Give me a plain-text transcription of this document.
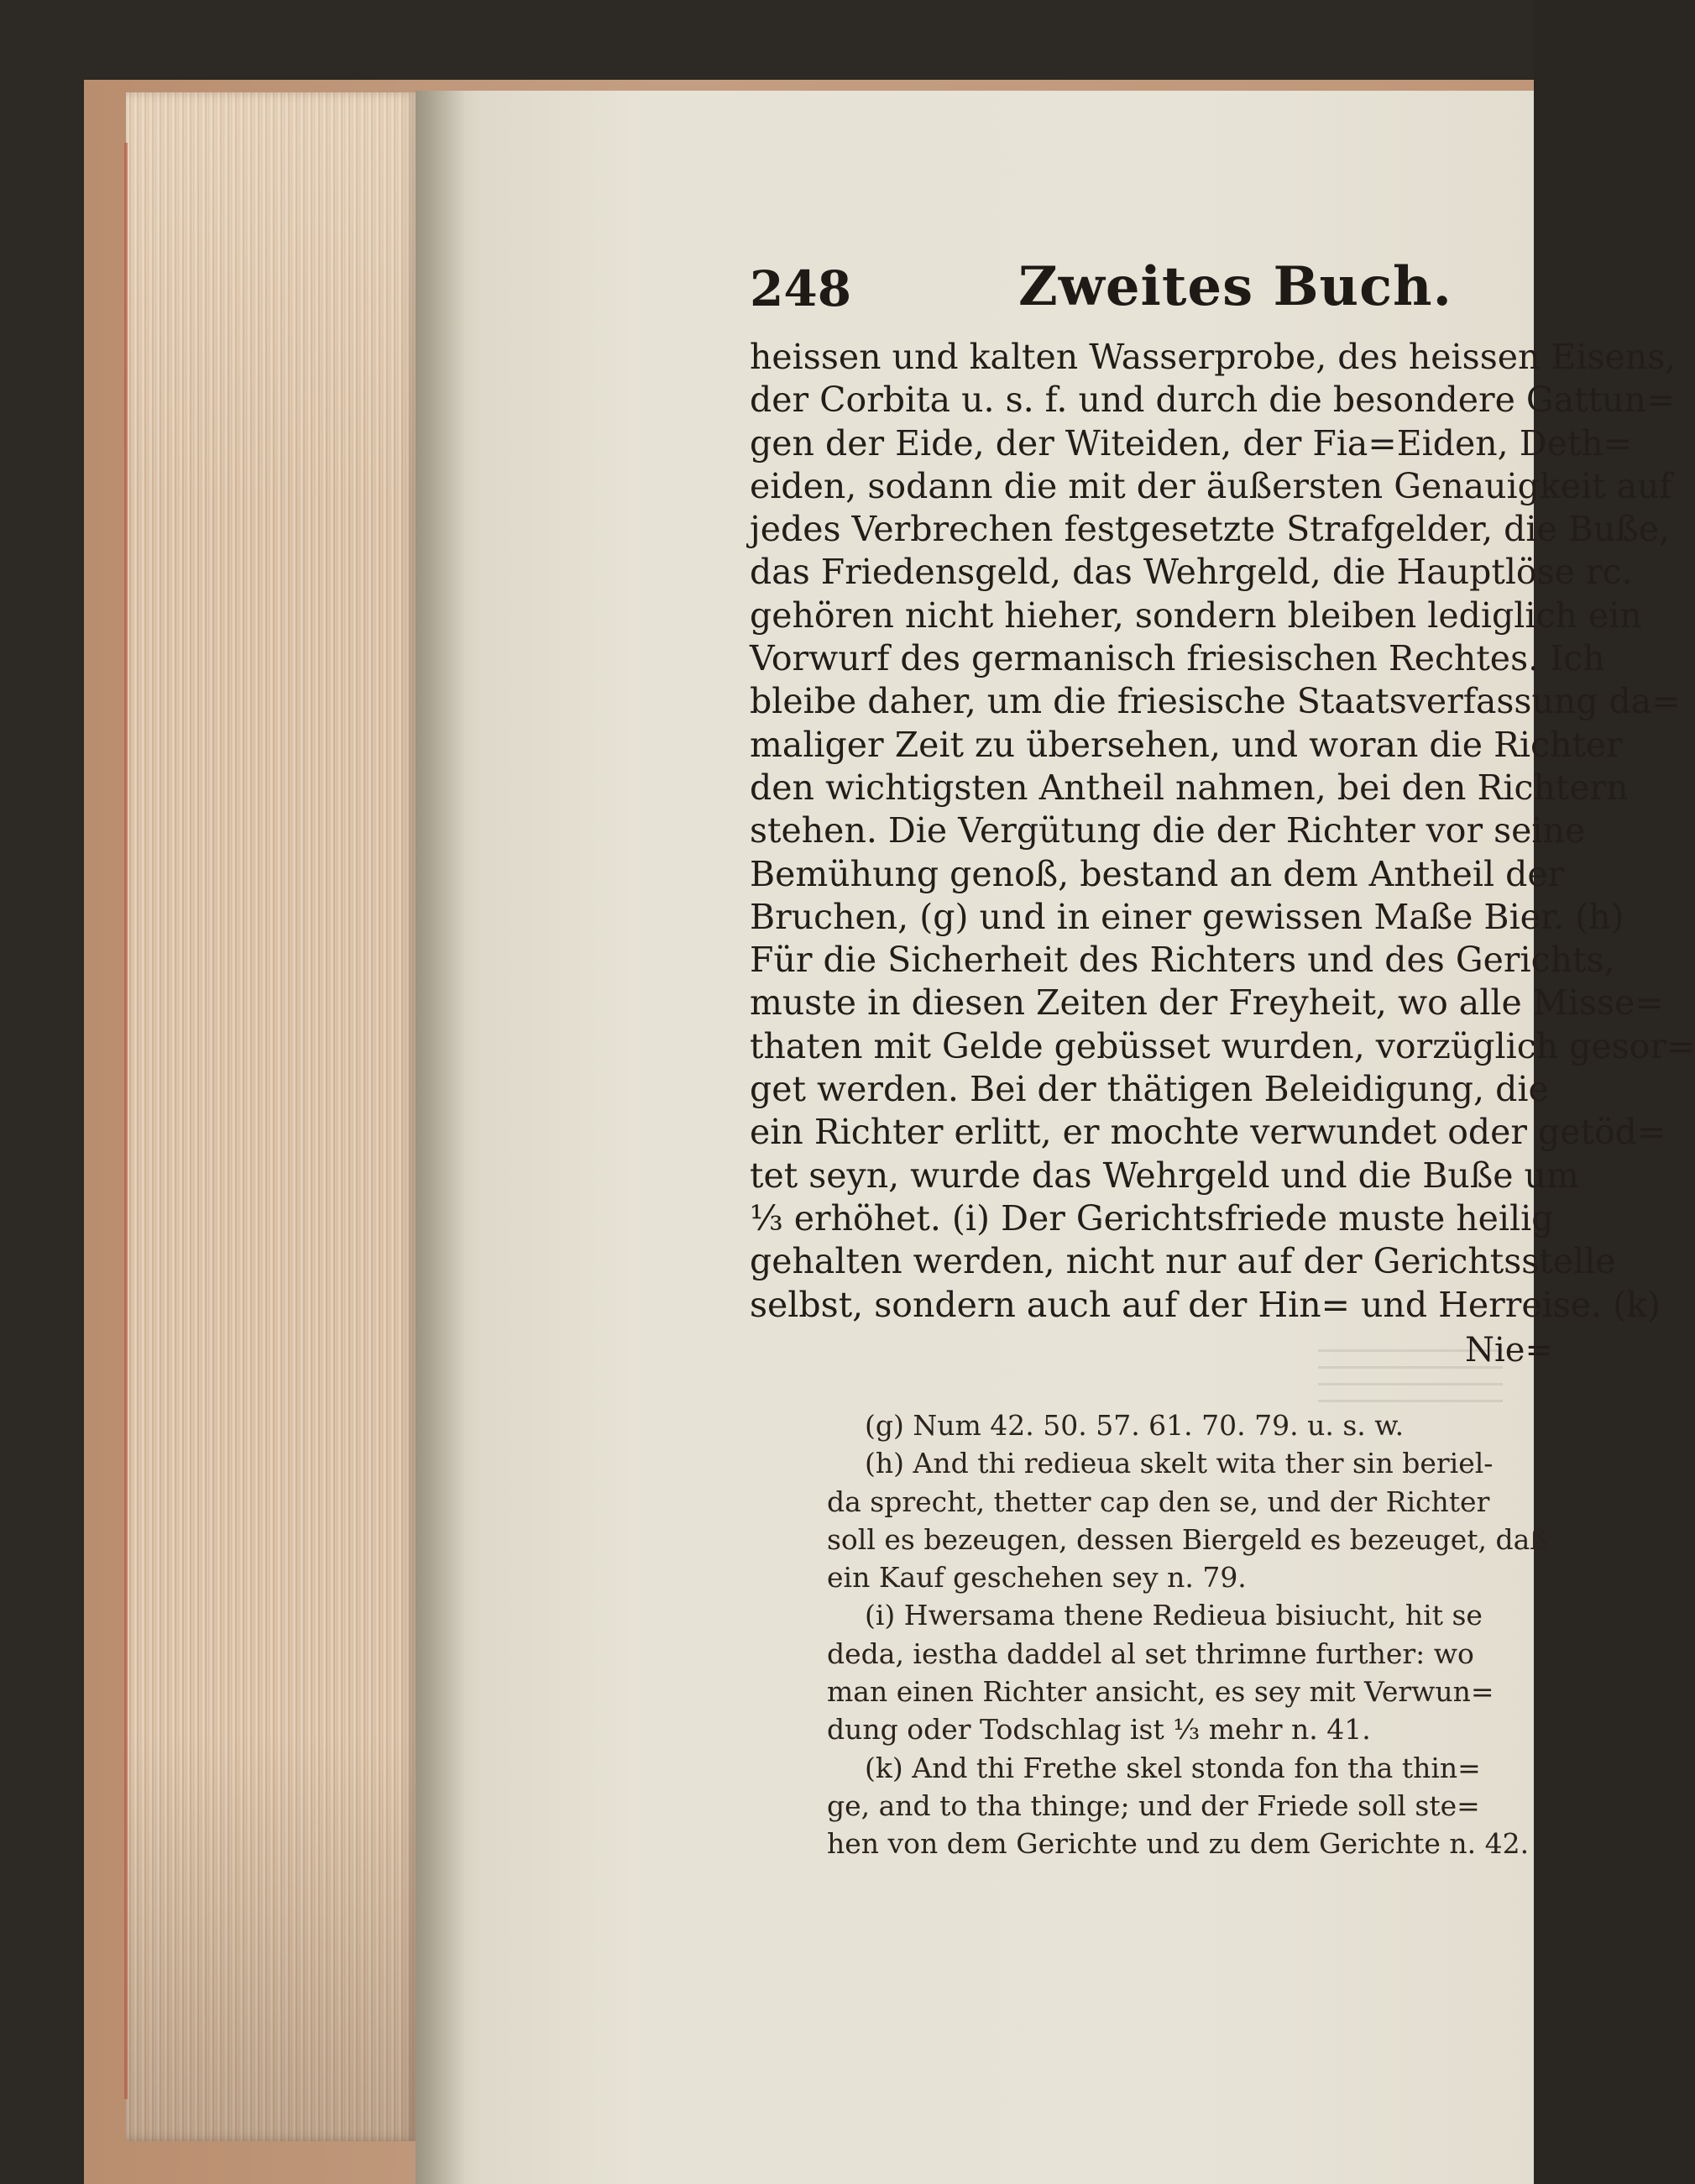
248	Zweites Buch.
heissen und kalten Wasserprobe, des heissen Eisens,
der Corbita u. s. f. und durch die besondere Gattun=
gen der Eide, der Witeiden, der Fia=Eiden, Deth=
eiden, sodann die mit der äußersten Genauigkeit auf
jedes Verbrechen festgesetzte Strafgelder, die Buße,
das Friedensgeld, das Wehrgeld, die Hauptlöse rc.
gehören nicht hieher, sondern bleiben lediglich ein
Vorwurf des germanisch friesischen Rechtes. Ich
bleibe daher, um die friesische Staatsverfassung da=
maliger Zeit zu übersehen, und woran die Richter
den wichtigsten Antheil nahmen, bei den Richtern
stehen. Die Vergütung die der Richter vor seine
Bemühung genoß, bestand an dem Antheil der
Bruchen, (g) und in einer gewissen Maße Bier. (h)
Für die Sicherheit des Richters und des Gerichts,
muste in diesen Zeiten der Freyheit, wo alle Misse=
thaten mit Gelde gebüsset wurden, vorzüglich gesor=
get werden. Bei der thätigen Beleidigung, die
ein Richter erlitt, er mochte verwundet oder getöd=
tet seyn, wurde das Wehrgeld und die Buße um
⅓ erhöhet. (i) Der Gerichtsfriede muste heilig
gehalten werden, nicht nur auf der Gerichtsstelle
selbst, sondern auch auf der Hin= und Herreise. (k)
Nie=
(g) Num 42. 50. 57. 61. 70. 79. u. s. w.
(h) And thi redieua skelt wita ther sin beriel-
da sprecht, thetter cap den se, und der Richter
soll es bezeugen, dessen Biergeld es bezeuget, daß
ein Kauf geschehen sey n. 79.
(i) Hwersama thene Redieua bisiucht, hit se
deda, iestha daddel al set thrimne further: wo
man einen Richter ansicht, es sey mit Verwun=
dung oder Todschlag ist ⅓ mehr n. 41.
(k) And thi Frethe skel stonda fon tha thin=
ge, and to tha thinge; und der Friede soll ste=
hen von dem Gerichte und zu dem Gerichte n. 42.
